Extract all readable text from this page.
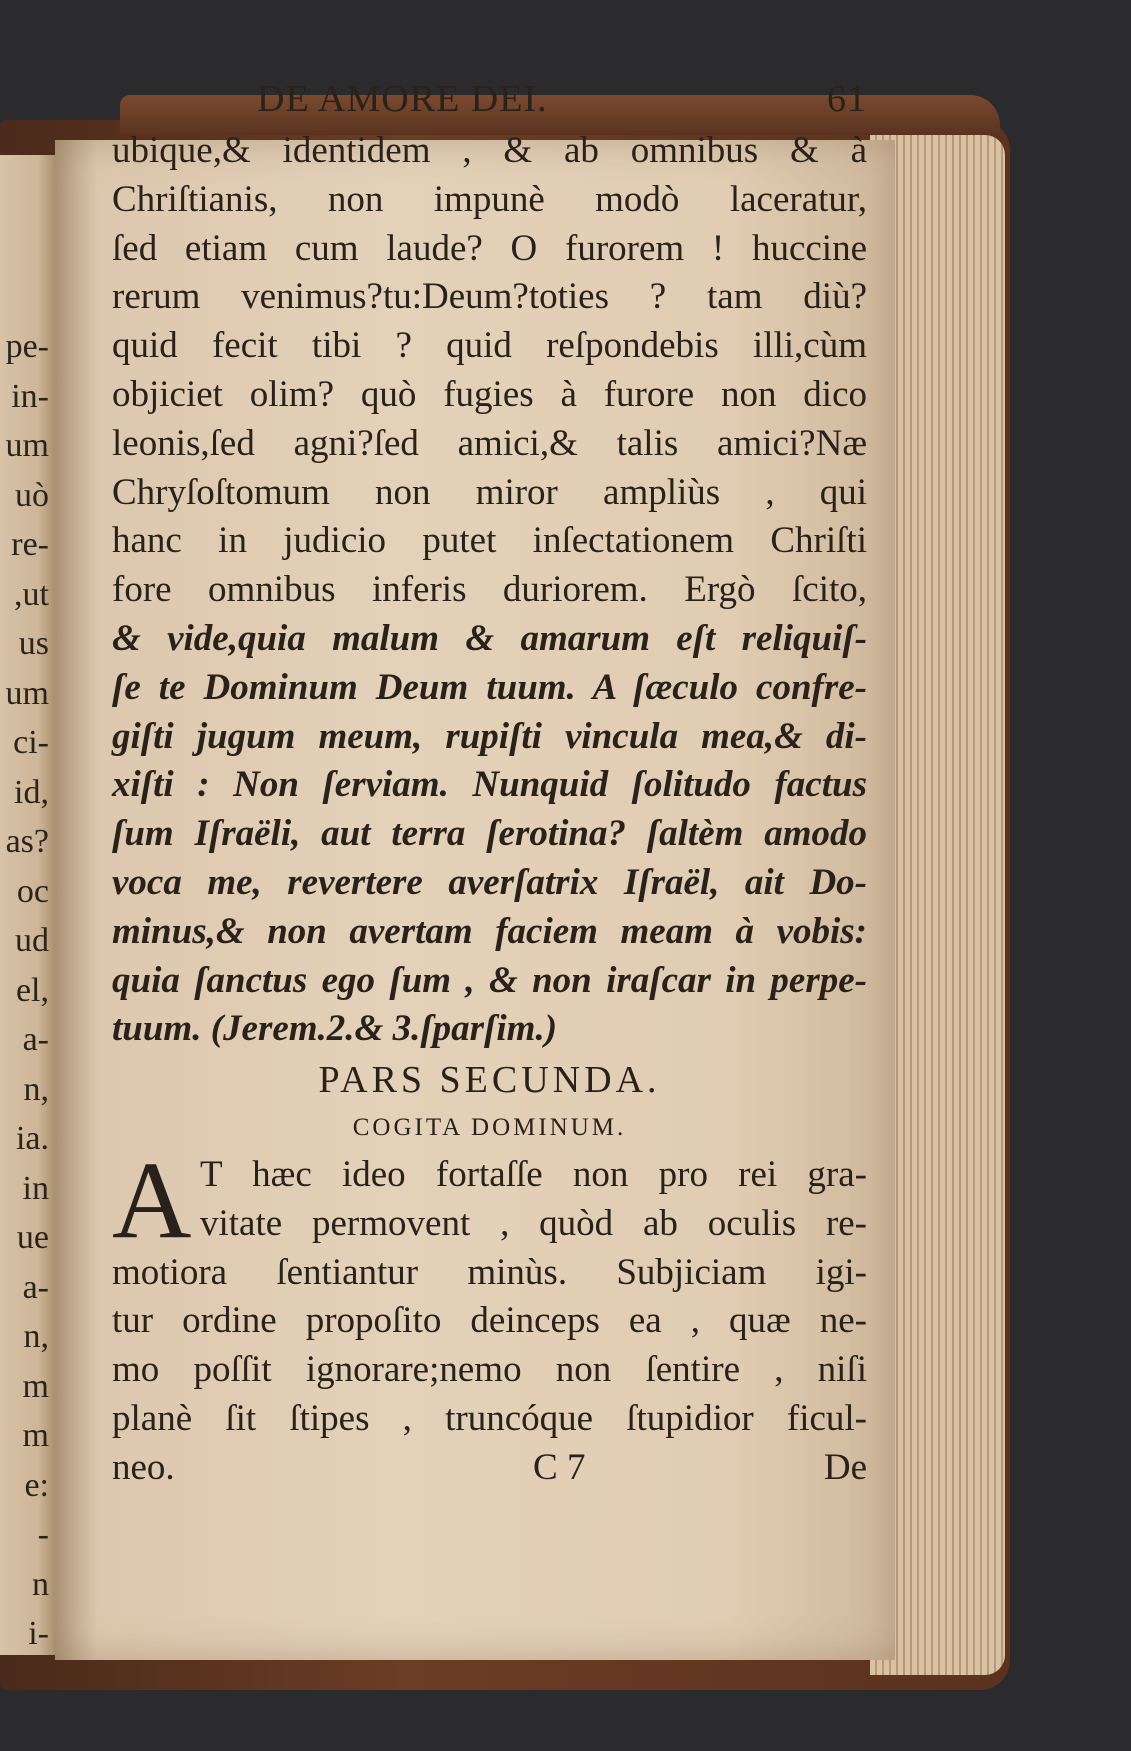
pe-
in-
um
uò
re-
,ut
us
um
ci-
id,
as?
oc
ud
el,
a-
n,
ia.
in
ue
a-
n,
m
m
e:
-
n
i-
DE AMORE DEI.	61
ubique,& identidem , & ab omnibus & à
Chriſtianis, non impunè modò laceratur,
ſed etiam cum laude? O furorem ! huccine
rerum venimus?tu:Deum?toties ? tam diù?
quid fecit tibi ? quid reſpondebis illi,cùm
objiciet olim? quò fugies à furore non dico
leonis,ſed agni?ſed amici,& talis amici?Næ
Chryſoſtomum non miror ampliùs , qui
hanc in judicio putet inſectationem Chriſti
fore omnibus inferis duriorem. Ergò ſcito,
& vide,quia malum & amarum eſt reliquiſ-
ſe te Dominum Deum tuum. A ſæculo confre-
giſti jugum meum, rupiſti vincula mea,& di-
xiſti : Non ſerviam. Nunquid ſolitudo factus
ſum Iſraëli, aut terra ſerotina? ſaltèm amodo
voca me, revertere averſatrix Iſraël, ait Do-
minus,& non avertam faciem meam à vobis:
quia ſanctus ego ſum , & non iraſcar in perpe-
tuum. (Jerem.2.& 3.ſparſim.)
PARS SECUNDA.
COGITA DOMINUM.
A T hæc ideo fortaſſe non pro rei gra-
vitate permovent , quòd ab oculis re-
motiora ſentiantur minùs. Subjiciam igi-
tur ordine propoſito deinceps ea , quæ ne-
mo poſſit ignorare;nemo non ſentire , niſi
planè ſit ſtipes , truncóque ſtupidior ficul-
neo.	C 7	De
